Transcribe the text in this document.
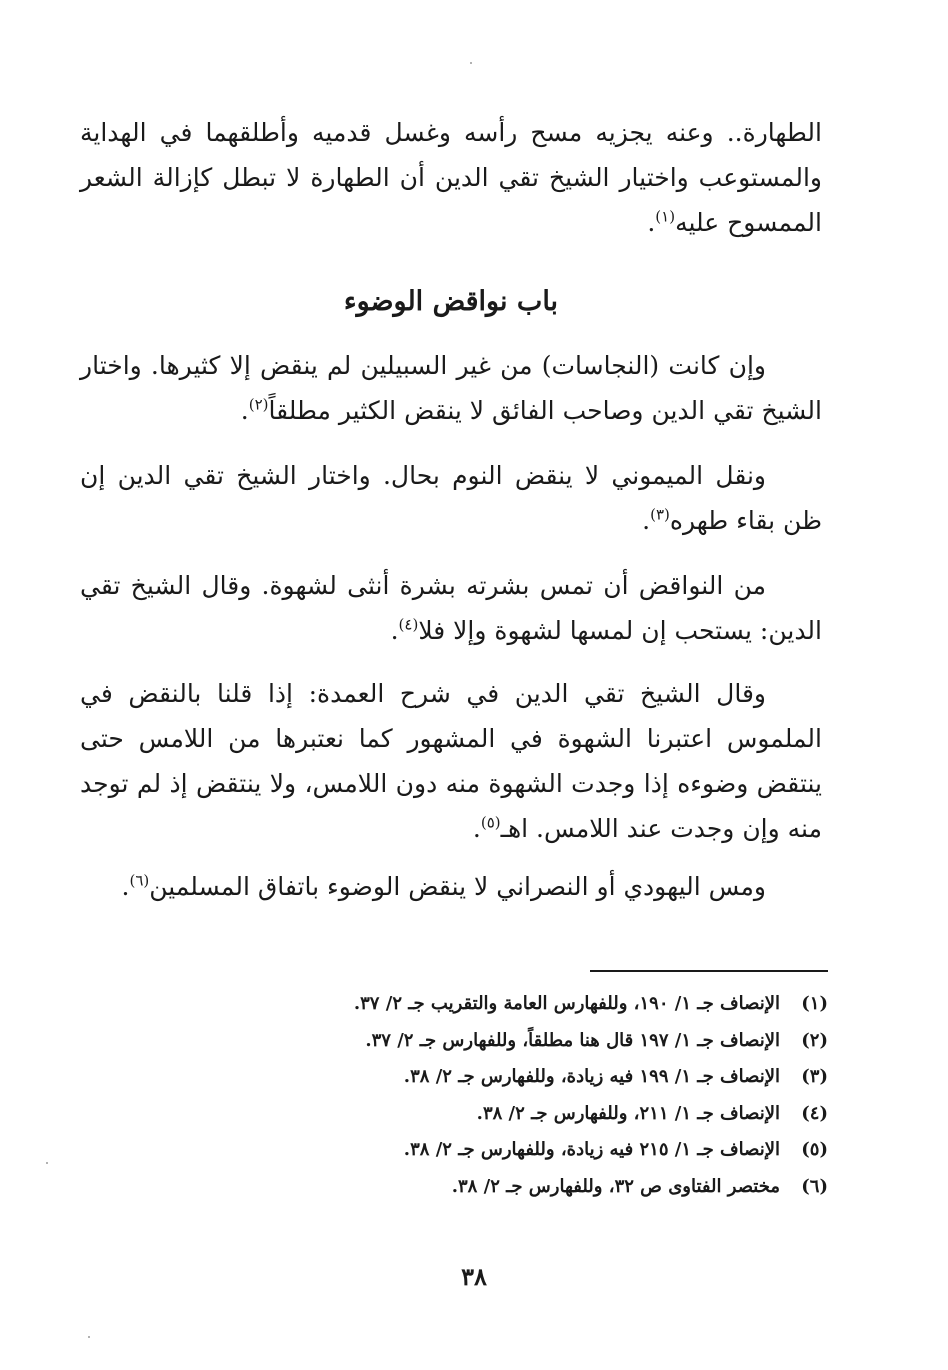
الطهارة.. وعنه يجزيه مسح رأسه وغسل قدميه وأطلقهما في الهداية والمستوعب واختيار الشيخ تقي الدين أن الطهارة لا تبطل كإزالة الشعر الممسوح عليه$^{(١)}$.
باب نواقض الوضوء
وإن كانت (النجاسات) من غير السبيلين لم ينقض إلا كثيرها. واختار الشيخ تقي الدين وصاحب الفائق لا ينقض الكثير مطلقاً$^{(٢)}$.
ونقل الميموني لا ينقض النوم بحال. واختار الشيخ تقي الدين إن ظن بقاء طهره$^{(٣)}$.
من النواقض أن تمس بشرته بشرة أنثى لشهوة. وقال الشيخ تقي الدين: يستحب إن لمسها لشهوة وإلا فلا$^{(٤)}$.
وقال الشيخ تقي الدين في شرح العمدة: إذا قلنا بالنقض في الملموس اعتبرنا الشهوة في المشهور كما نعتبرها من اللامس حتى ينتقض وضوءه إذا وجدت الشهوة منه دون اللامس، ولا ينتقض إذ لم توجد منه وإن وجدت عند اللامس. اهـ$^{(٥)}$.
ومس اليهودي أو النصراني لا ينقض الوضوء باتفاق المسلمين$^{(٦)}$.
(١)
الإنصاف جـ ١/ ١٩٠، وللفهارس العامة والتقريب جـ ٢/ ٣٧.
(٢)
الإنصاف جـ ١/ ١٩٧ قال هنا مطلقاً، وللفهارس جـ ٢/ ٣٧.
(٣)
الإنصاف جـ ١/ ١٩٩ فيه زيادة، وللفهارس جـ ٢/ ٣٨.
(٤)
الإنصاف جـ ١/ ٢١١، وللفهارس جـ ٢/ ٣٨.
(٥)
الإنصاف جـ ١/ ٢١٥ فيه زيادة، وللفهارس جـ ٢/ ٣٨.
(٦)
مختصر الفتاوى ص ٣٢، وللفهارس جـ ٢/ ٣٨.
٣٨
